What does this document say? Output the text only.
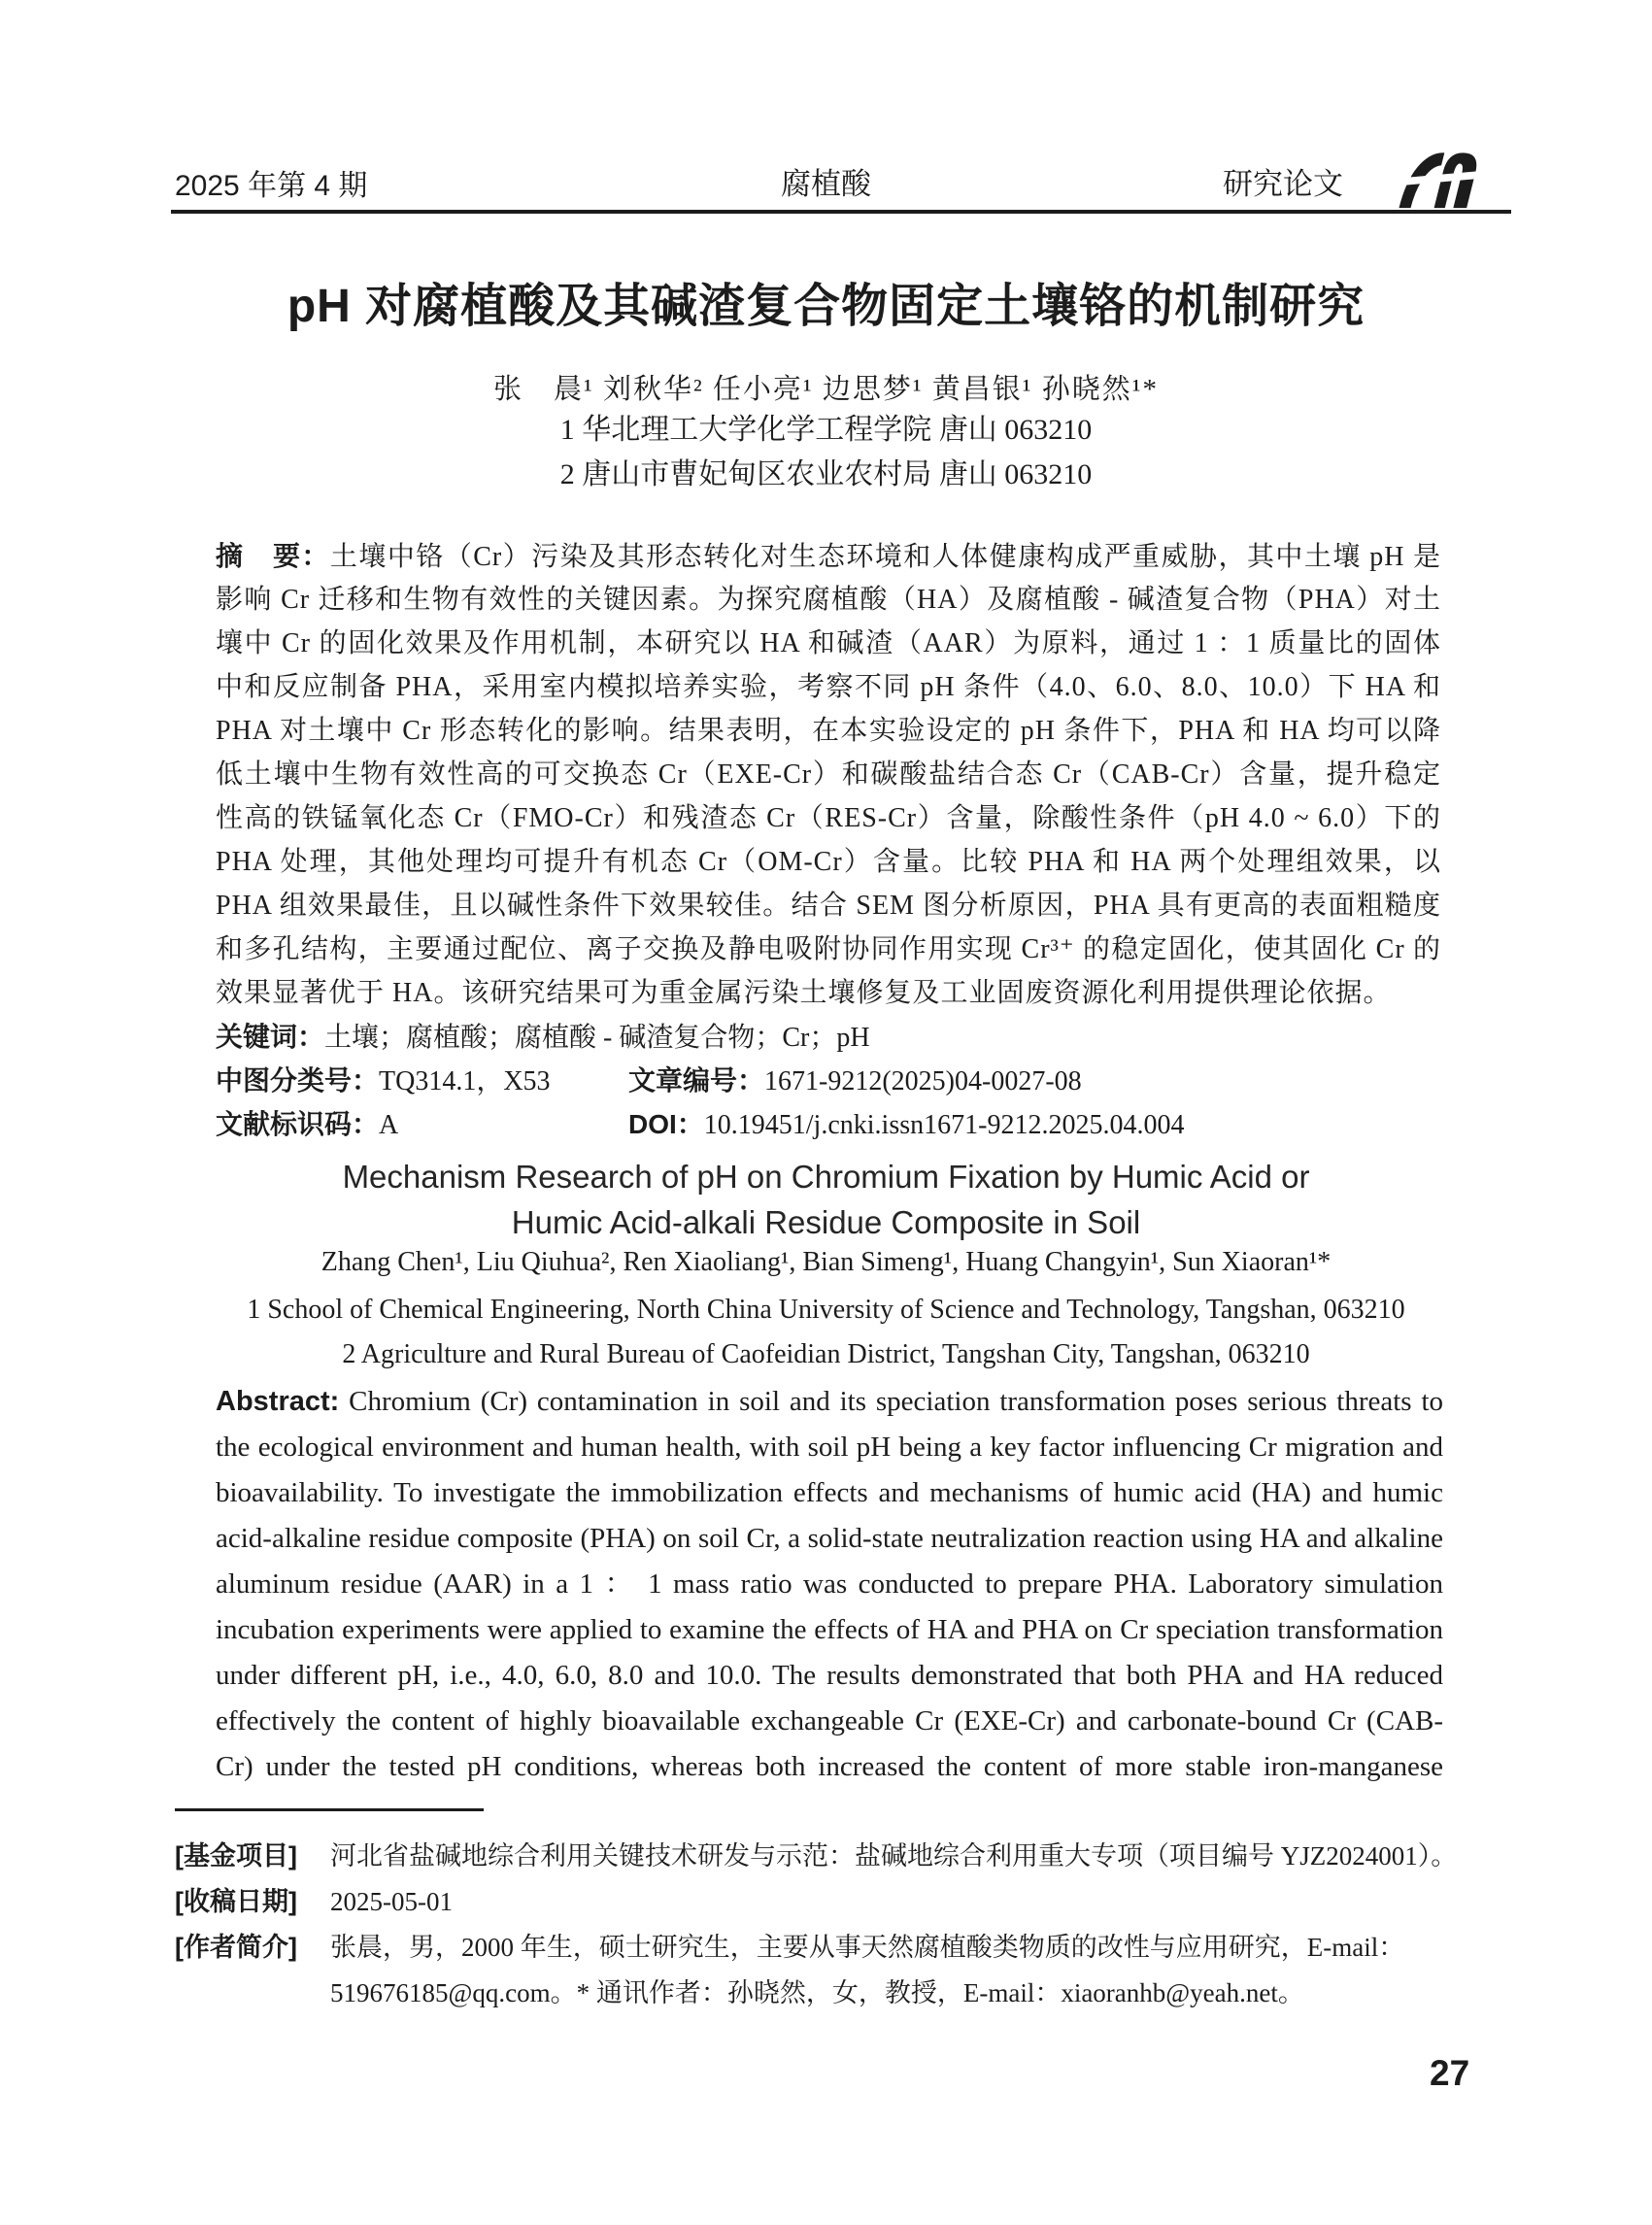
2025 年第 4 期	腐植酸	研究论文
pH 对腐植酸及其碱渣复合物固定土壤铬的机制研究
张　晨¹ 刘秋华² 任小亮¹ 边思梦¹ 黄昌银¹ 孙晓然¹*
1 华北理工大学化学工程学院 唐山 063210
2 唐山市曹妃甸区农业农村局 唐山 063210
摘　要：土壤中铬（Cr）污染及其形态转化对生态环境和人体健康构成严重威胁，其中土壤 pH 是
影响 Cr 迁移和生物有效性的关键因素。为探究腐植酸（HA）及腐植酸 - 碱渣复合物（PHA）对土
壤中 Cr 的固化效果及作用机制，本研究以 HA 和碱渣（AAR）为原料，通过 1 ：1 质量比的固体
中和反应制备 PHA，采用室内模拟培养实验，考察不同 pH 条件（4.0、6.0、8.0、10.0）下 HA 和
PHA 对土壤中 Cr 形态转化的影响。结果表明，在本实验设定的 pH 条件下，PHA 和 HA 均可以降
低土壤中生物有效性高的可交换态 Cr（EXE-Cr）和碳酸盐结合态 Cr（CAB-Cr）含量，提升稳定
性高的铁锰氧化态 Cr（FMO-Cr）和残渣态 Cr（RES-Cr）含量，除酸性条件（pH 4.0 ~ 6.0）下的
PHA 处理，其他处理均可提升有机态 Cr（OM-Cr）含量。比较 PHA 和 HA 两个处理组效果，以
PHA 组效果最佳，且以碱性条件下效果较佳。结合 SEM 图分析原因，PHA 具有更高的表面粗糙度
和多孔结构，主要通过配位、离子交换及静电吸附协同作用实现 Cr³⁺ 的稳定固化，使其固化 Cr 的
效果显著优于 HA。该研究结果可为重金属污染土壤修复及工业固废资源化利用提供理论依据。
关键词：土壤；腐植酸；腐植酸 - 碱渣复合物；Cr；pH
中图分类号：TQ314.1，X53	文章编号：1671-9212(2025)04-0027-08
文献标识码：A	DOI：10.19451/j.cnki.issn1671-9212.2025.04.004
Mechanism Research of pH on Chromium Fixation by Humic Acid or
Humic Acid-alkali Residue Composite in Soil
Zhang Chen¹, Liu Qiuhua², Ren Xiaoliang¹, Bian Simeng¹, Huang Changyin¹, Sun Xiaoran¹*
1 School of Chemical Engineering, North China University of Science and Technology, Tangshan, 063210
2 Agriculture and Rural Bureau of Caofeidian District, Tangshan City, Tangshan, 063210
Abstract: Chromium (Cr) contamination in soil and its speciation transformation poses serious threats to
the ecological environment and human health, with soil pH being a key factor influencing Cr migration and
bioavailability. To investigate the immobilization effects and mechanisms of humic acid (HA) and humic
acid-alkaline residue composite (PHA) on soil Cr, a solid-state neutralization reaction using HA and alkaline
aluminum residue (AAR) in a 1 ： 1 mass ratio was conducted to prepare PHA. Laboratory simulation
incubation experiments were applied to examine the effects of HA and PHA on Cr speciation transformation
under different pH, i.e., 4.0, 6.0, 8.0 and 10.0. The results demonstrated that both PHA and HA reduced
effectively the content of highly bioavailable exchangeable Cr (EXE-Cr) and carbonate-bound Cr (CAB-
Cr) under the tested pH conditions, whereas both increased the content of more stable iron-manganese
[基金项目] 河北省盐碱地综合利用关键技术研发与示范：盐碱地综合利用重大专项（项目编号 YJZ2024001）。
[收稿日期] 2025-05-01
[作者简介] 张晨，男，2000 年生，硕士研究生，主要从事天然腐植酸类物质的改性与应用研究，E-mail：519676185@qq.com。* 通讯作者：孙晓然，女，教授，E-mail：xiaoranhb@yeah.net。
27
